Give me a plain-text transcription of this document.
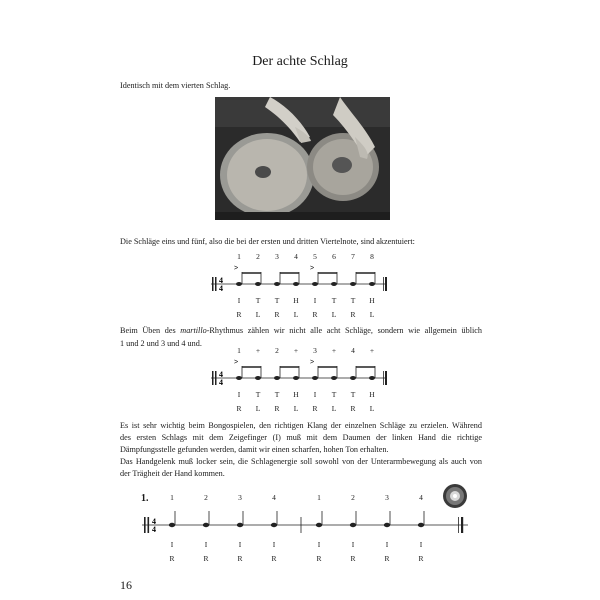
Der achte Schlag
Identisch mit dem vierten Schlag.
Die Schläge eins und fünf, also die bei der ersten und dritten Viertelnote, sind akzentuiert:
1	2	3	4	5	6	7	8
4
4
>	>
I	T	T	H	I	T	T	H
R	L	R	L	R	L	R	L
Beim Üben des martillo-Rhythmus zählen wir nicht alle acht Schläge, sondern wie allgemein üblich
1 und 2 und 3 und 4 und.
1	+	2	+	3	+	4	+
4
4
>	>
I	T	T	H	I	T	T	H
R	L	R	L	R	L	R	L
Es ist sehr wichtig beim Bongospielen, den richtigen Klang der einzelnen Schläge zu erzielen. Während
des ersten Schlags mit dem Zeigefinger (I) muß mit dem Daumen der linken Hand die richtige
Dämpfungsstelle gefunden werden, damit wir einen scharfen, hohen Ton erhalten.
Das Handgelenk muß locker sein, die Schlagenergie soll sowohl von der Unterarmbewegung als auch von
der Trägheit der Hand kommen.
1.	1	2	3	4	1	2	3	4
4
4
I	I	I	I	I	I	I	I
R	R	R	R	R	R	R	R
16
